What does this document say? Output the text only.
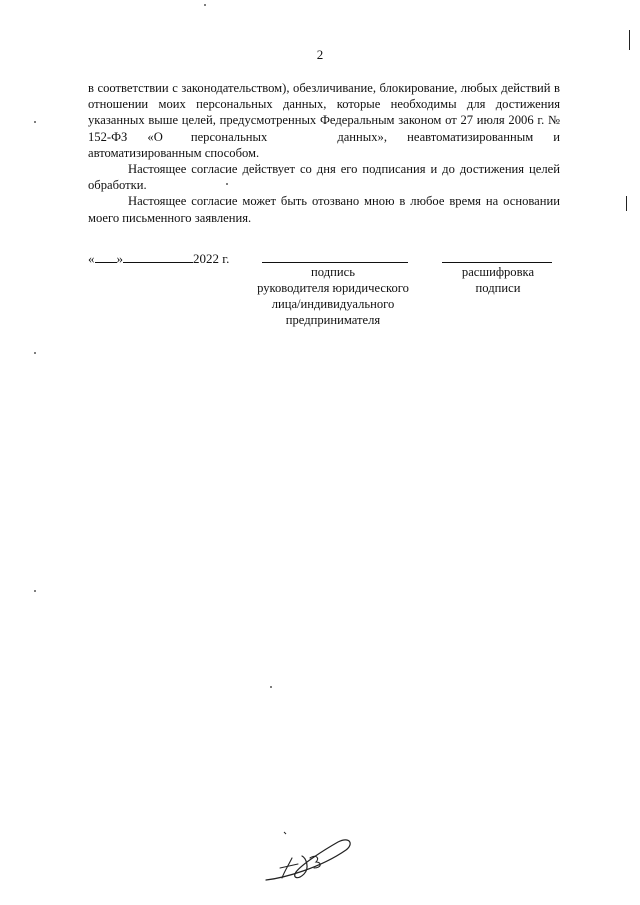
2

в соответствии с законодательством), обезличивание, блокирование, любых действий в отношении моих персональных данных, которые необходимы для достижения указанных выше целей, предусмотренных Федеральным законом от 27 июля 2006 г. № 152-ФЗ «О персональных	данных», неавтоматизированным и автоматизированным способом.

Настоящее согласие действует со дня его подписания и до достижения целей обработки.

Настоящее согласие может быть отозвано мною в любое время на основании моего письменного заявления.

« »	2022 г.
подпись
руководителя юридического
лица/индивидуального
предпринимателя
расшифровка
подписи
